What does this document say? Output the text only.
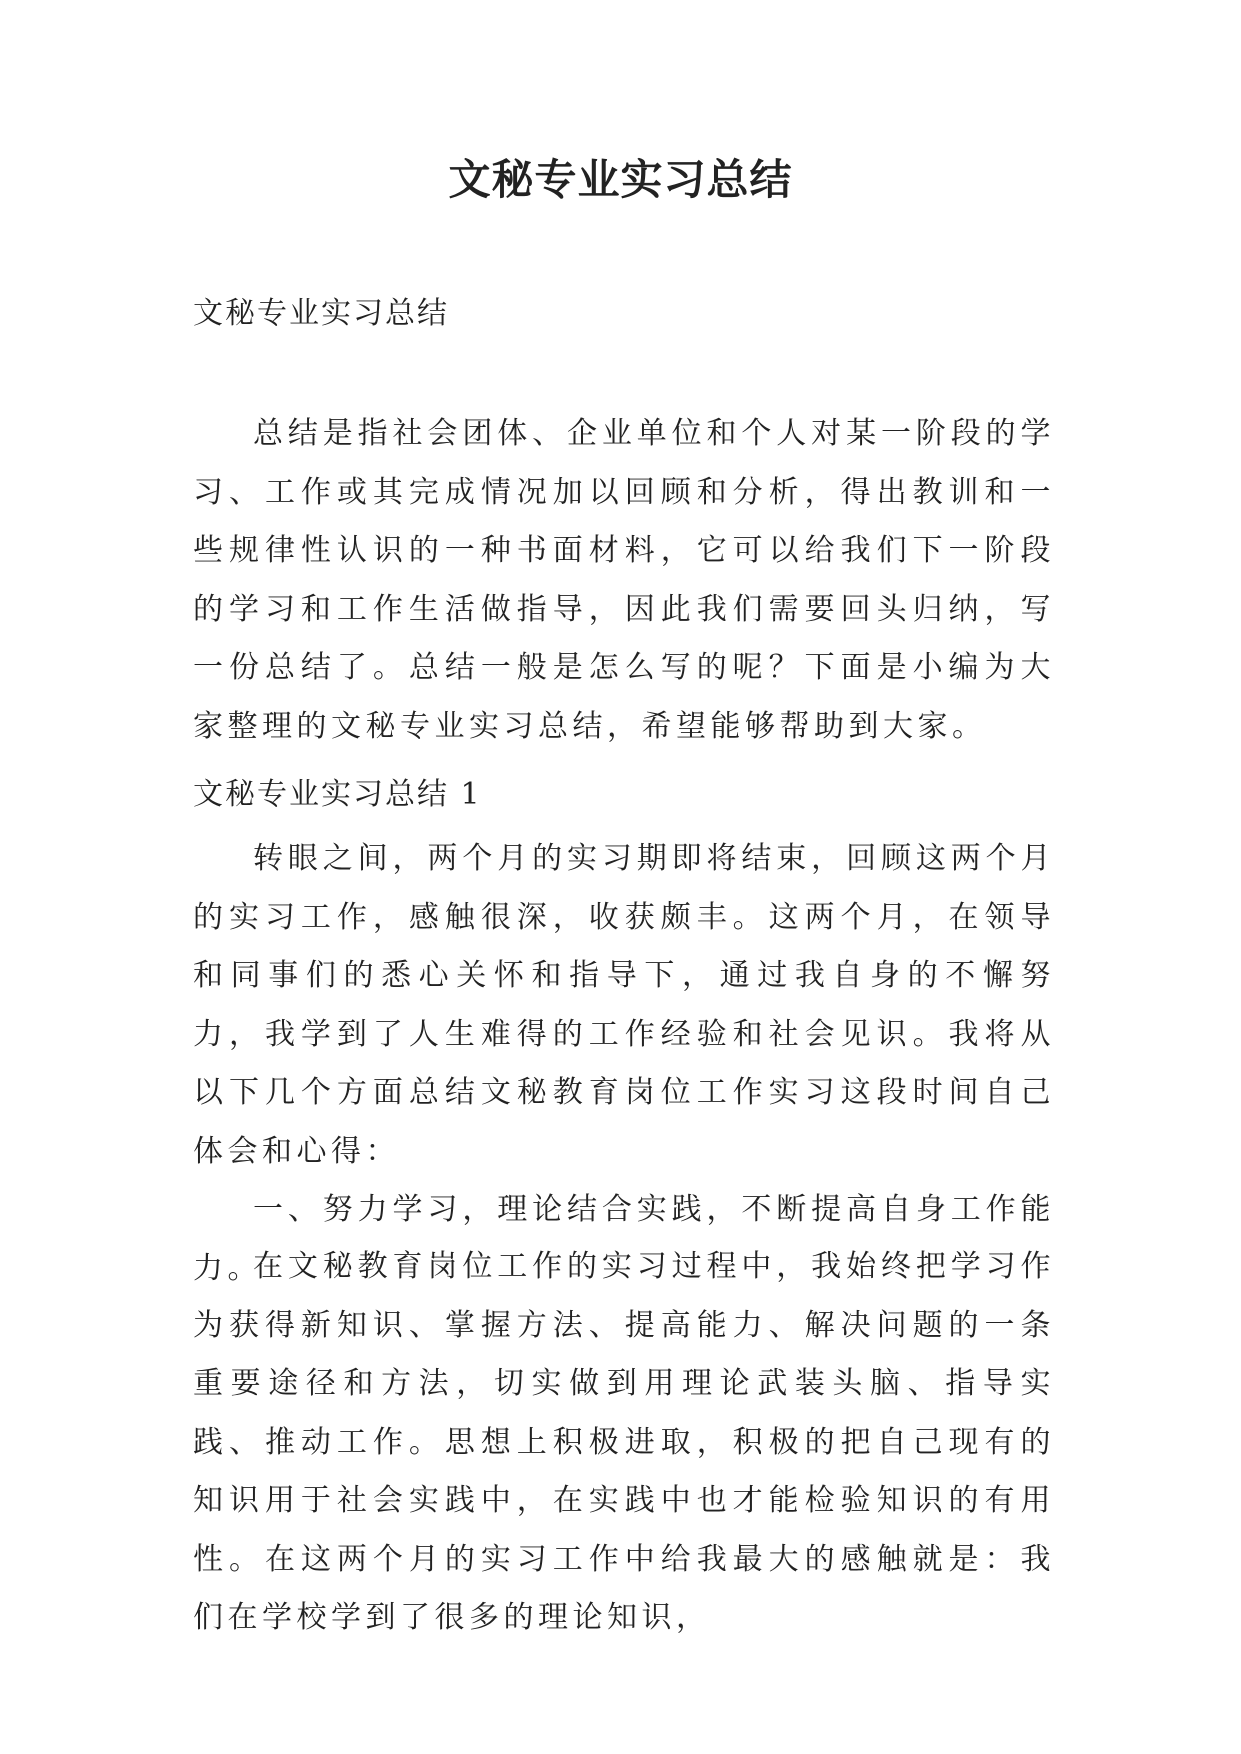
文秘专业实习总结

文秘专业实习总结

总结是指社会团体、企业单位和个人对某一阶段的学习、工作或其完成情况加以回顾和分析，得出教训和一些规律性认识的一种书面材料，它可以给我们下一阶段的学习和工作生活做指导，因此我们需要回头归纳，写一份总结了。总结一般是怎么写的呢？下面是小编为大家整理的文秘专业实习总结，希望能够帮助到大家。

文秘专业实习总结 1

转眼之间，两个月的实习期即将结束，回顾这两个月的实习工作，感触很深，收获颇丰。这两个月，在领导和同事们的悉心关怀和指导下，通过我自身的不懈努力，我学到了人生难得的工作经验和社会见识。我将从以下几个方面总结文秘教育岗位工作实习这段时间自己体会和心得：

一、努力学习，理论结合实践，不断提高自身工作能力。

在文秘教育岗位工作的实习过程中，我始终把学习作为获得新知识、掌握方法、提高能力、解决问题的一条重要途径和方法，切实做到用理论武装头脑、指导实践、推动工作。思想上积极进取，积极的把自己现有的知识用于社会实践中，在实践中也才能检验知识的有用性。在这两个月的实习工作中给我最大的感触就是：我们在学校学到了很多的理论知识，
